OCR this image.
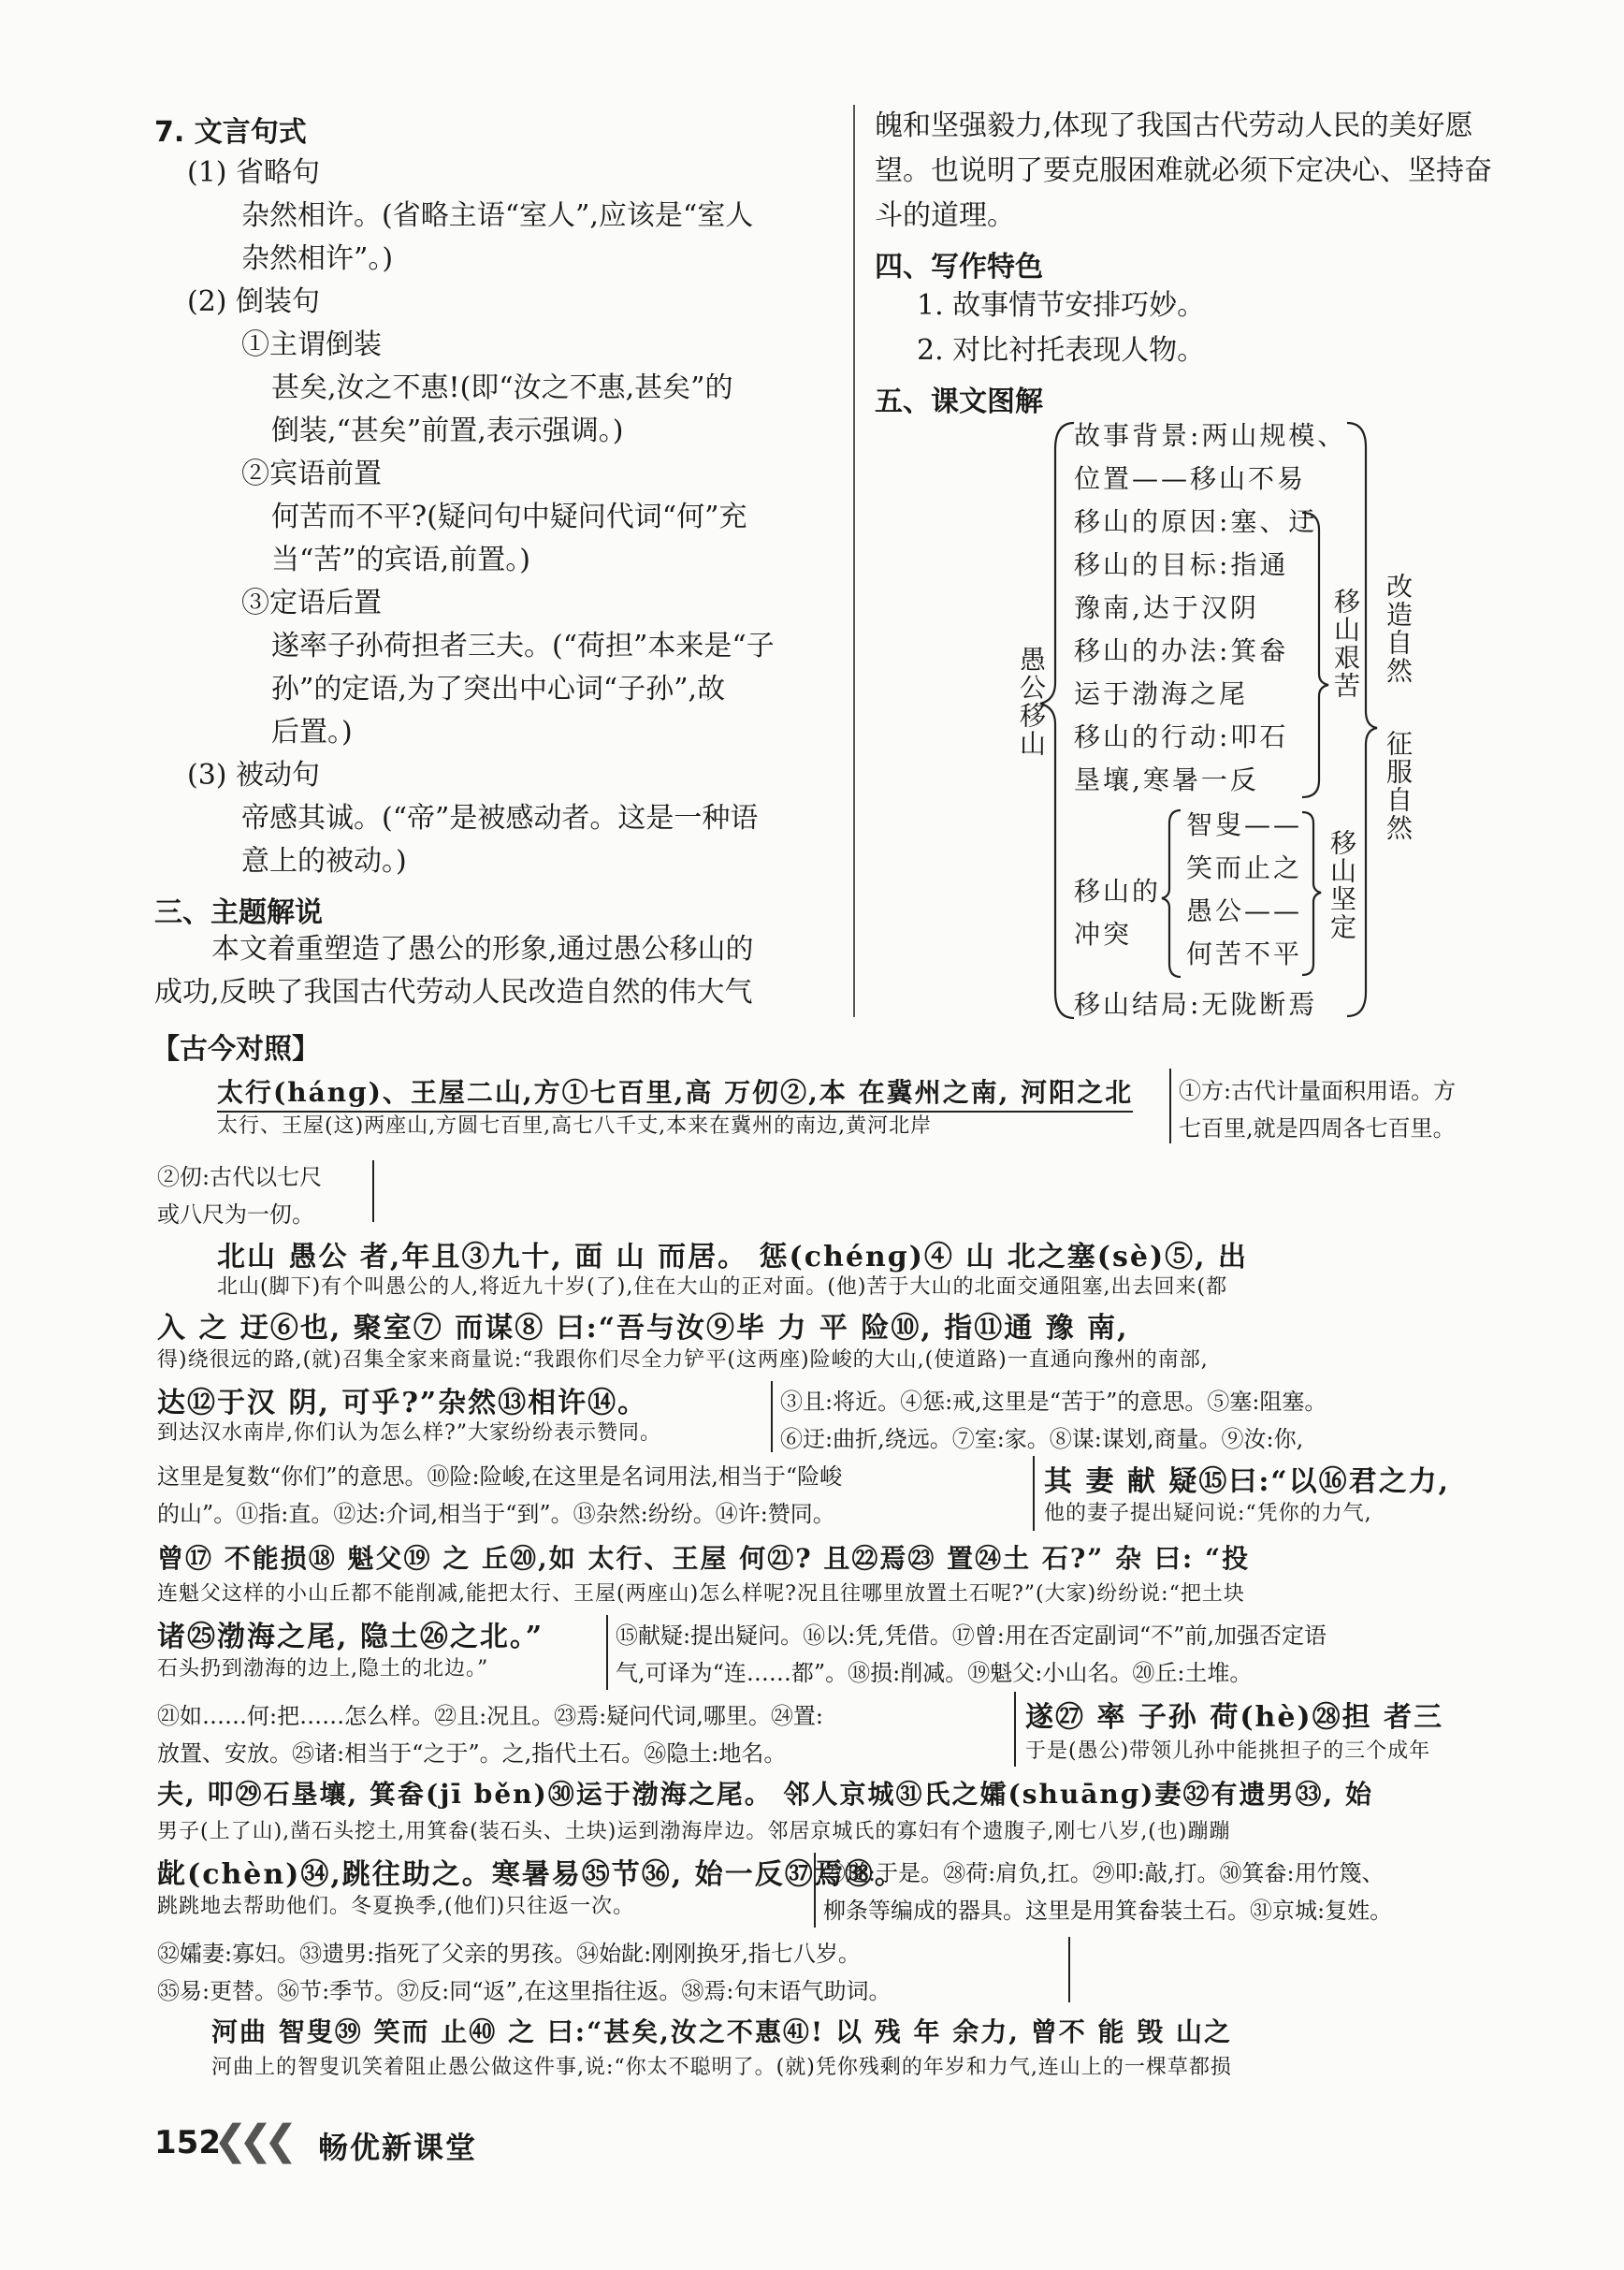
7. 文言句式
(1) 省略句
杂然相许。(省略主语“室人”,应该是“室人
杂然相许”。)
(2) 倒装句
①主谓倒装
甚矣,汝之不惠!(即“汝之不惠,甚矣”的
倒装,“甚矣”前置,表示强调。)
②宾语前置
何苦而不平?(疑问句中疑问代词“何”充
当“苦”的宾语,前置。)
③定语后置
遂率子孙荷担者三夫。(“荷担”本来是“子
孙”的定语,为了突出中心词“子孙”,故
后置。)
(3) 被动句
帝感其诚。(“帝”是被感动者。这是一种语
意上的被动。)
三、主题解说
本文着重塑造了愚公的形象,通过愚公移山的
成功,反映了我国古代劳动人民改造自然的伟大气
魄和坚强毅力,体现了我国古代劳动人民的美好愿
望。也说明了要克服困难就必须下定决心、坚持奋
斗的道理。
四、写作特色
1. 故事情节安排巧妙。
2. 对比衬托表现人物。
五、课文图解
愚公移山
故事背景:两山规模、
位置——移山不易
移山的原因:塞、迂
移山的目标:指通
豫南,达于汉阴
移山的办法:箕畚
运于渤海之尾
移山的行动:叩石
垦壤,寒暑一反
移山的冲突
智叟——
笑而止之
愚公——
何苦不平
移山结局:无陇断焉
移山艰苦
移山坚定
改造自然
征服自然
【古今对照】
太行(hánɡ)、王屋二山,方①七百里,高 万仞②,本 在冀州之南, 河阳之北
太行、王屋(这)两座山,方圆七百里,高七八千丈,本来在冀州的南边,黄河北岸
①方:古代计量面积用语。方
七百里,就是四周各七百里。
②仞:古代以七尺
或八尺为一仞。
北山 愚公 者,年且③九十, 面 山 而居。 惩(chénɡ)④ 山 北之塞(sè)⑤, 出
北山(脚下)有个叫愚公的人,将近九十岁(了),住在大山的正对面。(他)苦于大山的北面交通阻塞,出去回来(都
入 之 迂⑥也, 聚室⑦ 而谋⑧ 曰:“吾与汝⑨毕 力 平 险⑩, 指⑪通 豫 南,
得)绕很远的路,(就)召集全家来商量说:“我跟你们尽全力铲平(这两座)险峻的大山,(使道路)一直通向豫州的南部,
达⑫于汉 阴, 可乎?”杂然⑬相许⑭。
到达汉水南岸,你们认为怎么样?”大家纷纷表示赞同。
③且:将近。④惩:戒,这里是“苦于”的意思。⑤塞:阻塞。
⑥迂:曲折,绕远。⑦室:家。⑧谋:谋划,商量。⑨汝:你,
这里是复数“你们”的意思。⑩险:险峻,在这里是名词用法,相当于“险峻	其 妻 献 疑⑮曰:“以⑯君之力,
的山”。⑪指:直。⑫达:介词,相当于“到”。⑬杂然:纷纷。⑭许:赞同。	他的妻子提出疑问说:“凭你的力气,
曾⑰ 不能损⑱ 魁父⑲ 之 丘⑳,如 太行、王屋 何㉑? 且㉒焉㉓ 置㉔土 石?” 杂 曰: “投
连魁父这样的小山丘都不能削减,能把太行、王屋(两座山)怎么样呢?况且往哪里放置土石呢?”(大家)纷纷说:“把土块
诸㉕渤海之尾, 隐土㉖之北。”
石头扔到渤海的边上,隐土的北边。”
⑮献疑:提出疑问。⑯以:凭,凭借。⑰曾:用在否定副词“不”前,加强否定语
气,可译为“连……都”。⑱损:削减。⑲魁父:小山名。⑳丘:土堆。
㉑如……何:把……怎么样。㉒且:况且。㉓焉:疑问代词,哪里。㉔置:	遂㉗ 率 子孙 荷(hè)㉘担 者三
放置、安放。㉕诸:相当于“之于”。之,指代土石。㉖隐土:地名。	于是(愚公)带领儿孙中能挑担子的三个成年
夫, 叩㉙石垦壤, 箕畚(jī běn)㉚运于渤海之尾。 邻人京城㉛氏之孀(shuānɡ)妻㉜有遗男㉝, 始
男子(上了山),凿石头挖土,用箕畚(装石头、土块)运到渤海岸边。邻居京城氏的寡妇有个遗腹子,刚七八岁,(也)蹦蹦
龀(chèn)㉞,跳往助之。寒暑易㉟节㊱, 始一反㊲焉㊳。
跳跳地去帮助他们。冬夏换季,(他们)只往返一次。
㉗遂:于是。㉘荷:肩负,扛。㉙叩:敲,打。㉚箕畚:用竹篾、
柳条等编成的器具。这里是用箕畚装土石。㉛京城:复姓。
㉜孀妻:寡妇。㉝遗男:指死了父亲的男孩。㉞始龀:刚刚换牙,指七八岁。
㉟易:更替。㊱节:季节。㊲反:同“返”,在这里指往返。㊳焉:句末语气助词。
河曲 智叟㊴ 笑而 止㊵ 之 曰:“甚矣,汝之不惠㊶! 以 残 年 余力, 曾不 能 毁 山之
河曲上的智叟讥笑着阻止愚公做这件事,说:“你太不聪明了。(就)凭你残剩的年岁和力气,连山上的一棵草都损
152
❮❮❮ 畅优新课堂
